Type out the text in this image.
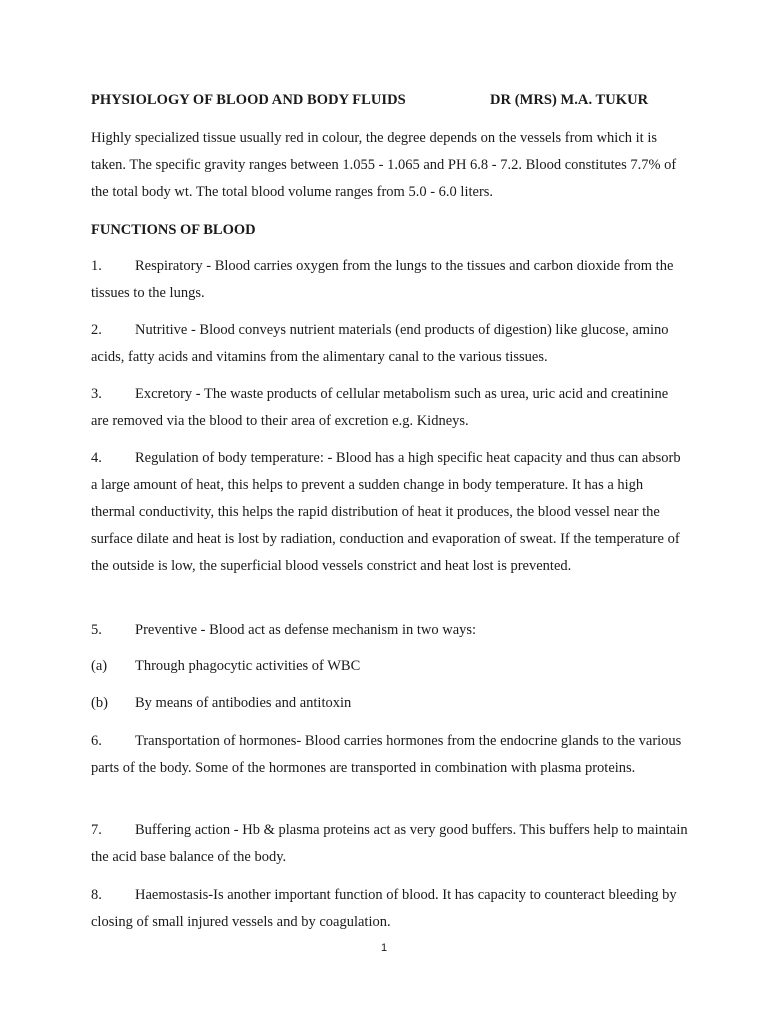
PHYSIOLOGY OF BLOOD AND BODY FLUIDS	DR (MRS) M.A. TUKUR

Highly specialized tissue usually red in colour, the degree depends on the vessels from which it is taken. The specific gravity ranges between 1.055 - 1.065 and PH 6.8 - 7.2. Blood constitutes 7.7% of the total body wt. The total blood volume ranges from 5.0 - 6.0 liters.

FUNCTIONS OF BLOOD

1. Respiratory - Blood carries oxygen from the lungs to the tissues and carbon dioxide from the tissues to the lungs.

2. Nutritive - Blood conveys nutrient materials (end products of digestion) like glucose, amino acids, fatty acids and vitamins from the alimentary canal to the various tissues.

3. Excretory - The waste products of cellular metabolism such as urea, uric acid and creatinine are removed via the blood to their area of excretion e.g. Kidneys.

4. Regulation of body temperature: - Blood has a high specific heat capacity and thus can absorb a large amount of heat, this helps to prevent a sudden change in body temperature. It has a high thermal conductivity, this helps the rapid distribution of heat it produces, the blood vessel near the surface dilate and heat is lost by radiation, conduction and evaporation of sweat. If the temperature of the outside is low, the superficial blood vessels constrict and heat lost is prevented.

5. Preventive - Blood act as defense mechanism in two ways:

(a) Through phagocytic activities of WBC

(b) By means of antibodies and antitoxin

6. Transportation of hormones- Blood carries hormones from the endocrine glands to the various parts of the body. Some of the hormones are transported in combination with plasma proteins.

7. Buffering action - Hb & plasma proteins act as very good buffers. This buffers help to maintain the acid base balance of the body.

8. Haemostasis-Is another important function of blood. It has capacity to counteract bleeding by closing of small injured vessels and by coagulation.

1
